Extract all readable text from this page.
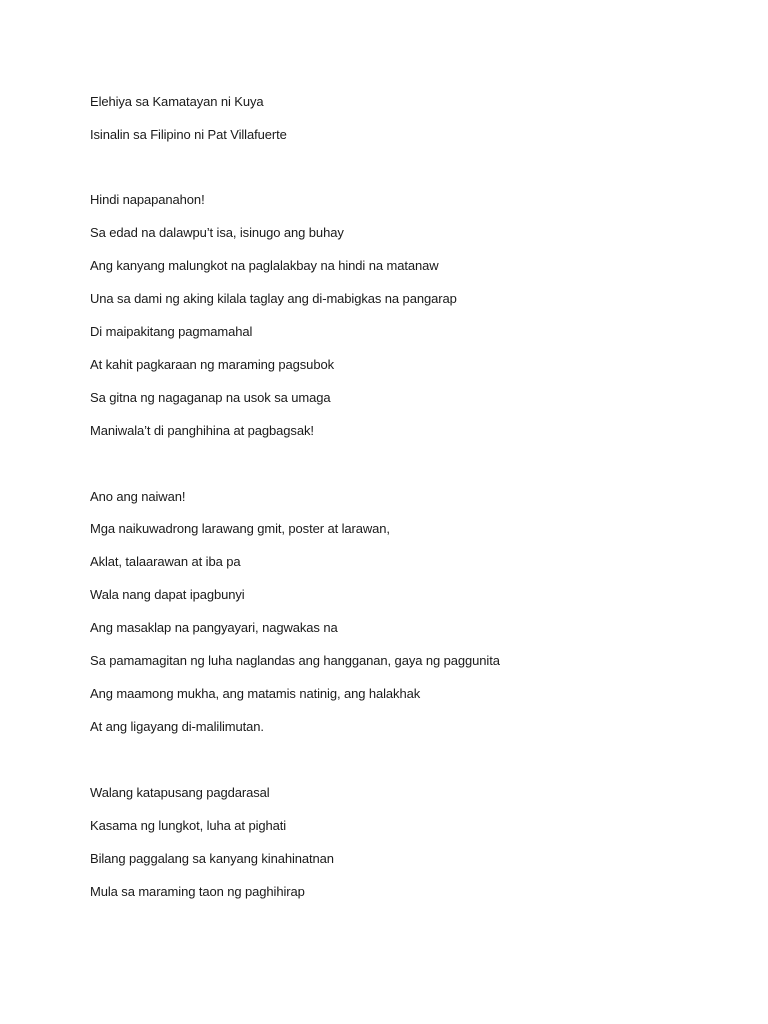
Elehiya sa Kamatayan ni Kuya

Isinalin sa Filipino ni Pat Villafuerte

Hindi napapanahon!

Sa edad na dalawpu’t isa, isinugo ang buhay

Ang kanyang malungkot na paglalakbay na hindi na matanaw

Una sa dami ng aking kilala taglay ang di-mabigkas na pangarap

Di maipakitang pagmamahal

At kahit pagkaraan ng maraming pagsubok

Sa gitna ng nagaganap na usok sa umaga

Maniwala’t di panghihina at pagbagsak!

Ano ang naiwan!

Mga naikuwadrong larawang gmit, poster at larawan,

Aklat, talaarawan at iba pa

Wala nang dapat ipagbunyi

Ang masaklap na pangyayari, nagwakas na

Sa pamamagitan ng luha naglandas ang hangganan, gaya ng paggunita

Ang maamong mukha, ang matamis natinig, ang halakhak

At ang ligayang di-malilimutan.

Walang katapusang pagdarasal

Kasama ng lungkot, luha at pighati

Bilang paggalang sa kanyang kinahinatnan

Mula sa maraming taon ng paghihirap
